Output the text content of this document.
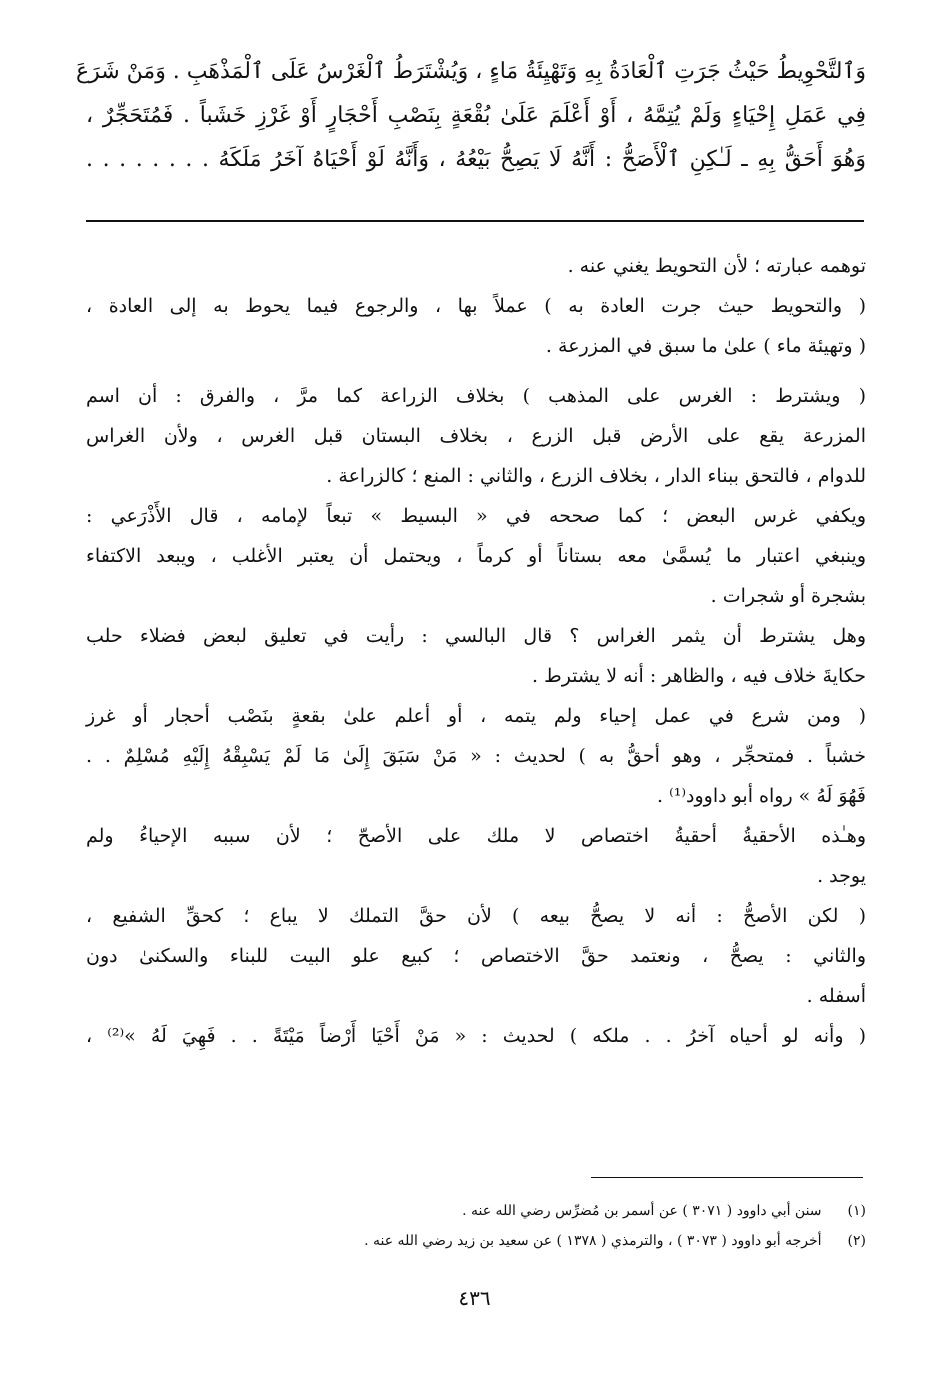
وَٱلتَّحْوِيطُ حَيْثُ جَرَتِ ٱلْعَادَةُ بِهِ وَتَهْيِئَةُ مَاءٍ ، وَيُشْتَرَطُ ٱلْغَرْسُ عَلَى ٱلْمَذْهَبِ . وَمَنْ شَرَعَ
فِي عَمَلِ إِحْيَاءٍ وَلَمْ يُتِمَّهُ ، أَوْ أَعْلَمَ عَلَىٰ بُقْعَةٍ بِنَصْبِ أَحْجَارٍ أَوْ غَرْزِ خَشَباً . فَمُتَحَجِّرٌ ،
وَهُوَ أَحَقُّ بِهِ ـ لَـٰكِنِ ٱلْأَصَحُّ : أَنَّهُ لَا يَصِحُّ بَيْعُهُ ، وَأَنَّهُ لَوْ أَحْيَاهُ آخَرُ مَلَكَهُ . . . . . . . .
توهمه عبارته ؛ لأن التحويط يغني عنه .
( والتحويط حيث جرت العادة به ) عملاً بها ، والرجوع فيما يحوط به إلى العادة ،
( وتهيئة ماء ) علىٰ ما سبق في المزرعة .
( ويشترط : الغرس على المذهب ) بخلاف الزراعة كما مرَّ ، والفرق : أن اسم
المزرعة يقع على الأرض قبل الزرع ، بخلاف البستان قبل الغرس ، ولأن الغراس
للدوام ، فالتحق ببناء الدار ، بخلاف الزرع ، والثاني : المنع ؛ كالزراعة .
ويكفي غرس البعض ؛ كما صححه في « البسيط » تبعاً لإمامه ، قال الأَذْرَعي :
وينبغي اعتبار ما يُسمَّىٰ معه بستاناً أو كرماً ، ويحتمل أن يعتبر الأغلب ، ويبعد الاكتفاء
بشجرة أو شجرات .
وهل يشترط أن يثمر الغراس ؟ قال البالسي : رأيت في تعليق لبعض فضلاء حلب
حكايةَ خلاف فيه ، والظاهر : أنه لا يشترط .
( ومن شرع في عمل إحياء ولم يتمه ، أو أعلم علىٰ بقعةٍ بنَصْب أحجار أو غرز
خشباً . فمتحجِّر ، وهو أحقُّ به ) لحديث : « مَنْ سَبَقَ إِلَىٰ مَا لَمْ يَسْبِقْهُ إِلَيْهِ مُسْلِمٌ . .
فَهُوَ لَهُ » رواه أبو داوود⁽¹⁾ .
وهـٰذه الأحقيةُ أحقيةُ اختصاص لا ملك على الأصحّ ؛ لأن سببه الإحياءُ ولم
يوجد .
( لكن الأصحُّ : أنه لا يصحُّ بيعه ) لأن حقَّ التملك لا يباع ؛ كحقِّ الشفيع ،
والثاني : يصحُّ ، ونعتمد حقَّ الاختصاص ؛ كبيع علو البيت للبناء والسكنىٰ دون
أسفله .
( وأنه لو أحياه آخرُ . . ملكه ) لحديث : « مَنْ أَحْيَا أَرْضاً مَيْتَةً . . فَهِيَ لَهُ »⁽²⁾ ،
(١) سنن أبي داوود ( ٣٠٧١ ) عن أسمر بن مُضرِّس رضي الله عنه .
(٢) أخرجه أبو داوود ( ٣٠٧٣ ) ، والترمذي ( ١٣٧٨ ) عن سعيد بن زيد رضي الله عنه .
٤٣٦
